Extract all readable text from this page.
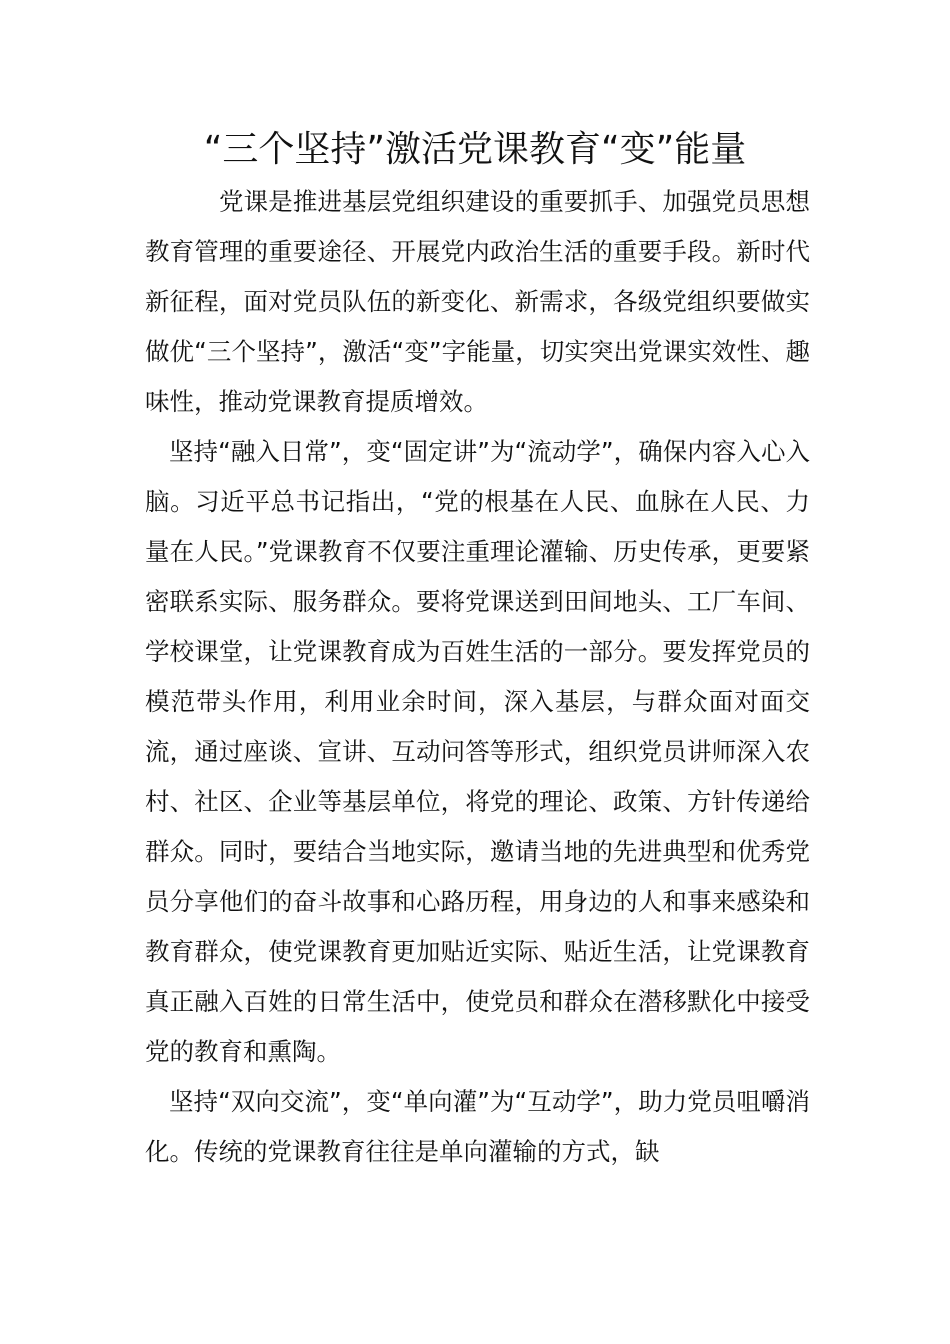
“三个坚持”激活党课教育“变”能量

党课是推进基层党组织建设的重要抓手、加强党员思想教育管理的重要途径、开展党内政治生活的重要手段。新时代新征程，面对党员队伍的新变化、新需求，各级党组织要做实做优“三个坚持”，激活“变”字能量，切实突出党课实效性、趣味性，推动党课教育提质增效。

坚持“融入日常”，变“固定讲”为“流动学”，确保内容入心入脑。习近平总书记指出，“党的根基在人民、血脉在人民、力量在人民。”党课教育不仅要注重理论灌输、历史传承，更要紧密联系实际、服务群众。要将党课送到田间地头、工厂车间、学校课堂，让党课教育成为百姓生活的一部分。要发挥党员的模范带头作用，利用业余时间，深入基层，与群众面对面交流，通过座谈、宣讲、互动问答等形式，组织党员讲师深入农村、社区、企业等基层单位，将党的理论、政策、方针传递给群众。同时，要结合当地实际，邀请当地的先进典型和优秀党员分享他们的奋斗故事和心路历程，用身边的人和事来感染和教育群众，使党课教育更加贴近实际、贴近生活，让党课教育真正融入百姓的日常生活中，使党员和群众在潜移默化中接受党的教育和熏陶。

坚持“双向交流”，变“单向灌”为“互动学”，助力党员咀嚼消化。传统的党课教育往往是单向灌输的方式，缺
